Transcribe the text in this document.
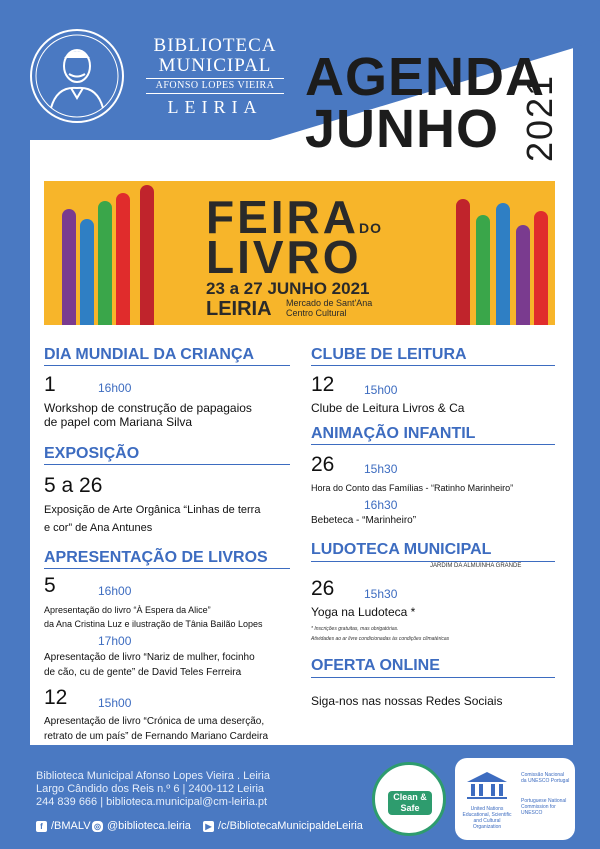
BIBLIOTECA
MUNICIPAL
AFONSO LOPES VIEIRA
LEIRIA AGENDA
JUNHO 2021
FEIRADO
LIVRO
23 a 27 JUNHO 2021
LEIRIA Mercado de Sant'Ana
Centro Cultural
DIA MUNDIAL DA CRIANÇA
1	16h00
Workshop de construção de papagaios
de papel com Mariana Silva
EXPOSIÇÃO
5 a 26
Exposição de Arte Orgânica “Linhas de terra
e cor” de Ana Antunes
APRESENTAÇÃO DE LIVROS
5	16h00
Apresentação do livro “À Espera da Alice”
da Ana Cristina Luz e ilustração de Tânia Bailão Lopes
17h00
Apresentação de livro “Nariz de mulher, focinho
de cão, cu de gente” de David Teles Ferreira
12	15h00
Apresentação de livro “Crónica de uma deserção,
retrato de um país” de Fernando Mariano Cardeira
CLUBE DE LEITURA
12 15h00
Clube de Leitura Livros & Ca
ANIMAÇÃO INFANTIL
26 15h30
Hora do Conto das Famílias - “Ratinho Marinheiro”
16h30
Bebeteca - “Marinheiro”
LUDOTECA MUNICIPAL
JARDIM DA ALMUINHA GRANDE
26 15h30
Yoga na Ludoteca *
* Inscrições gratuitas, mas obrigatórias.
Atividades ao ar livre condicionadas às condições climatéricas
OFERTA ONLINE
Siga-nos nas nossas Redes Sociais
Biblioteca Municipal Afonso Lopes Vieira . Leiria
Largo Cândido dos Reis n.º 6 | 2400-112 Leiria
244 839 666 | biblioteca.municipal@cm-leiria.pt
f /BMALV ◎ @biblioteca.leiria	▶ /c/BibliotecaMunicipaldeLeiria
Clean & Safe	United Nations Educational, Scientific and Cultural Organization
Comissão Nacional da UNESCO Portugal
Portuguese National Commission for UNESCO
